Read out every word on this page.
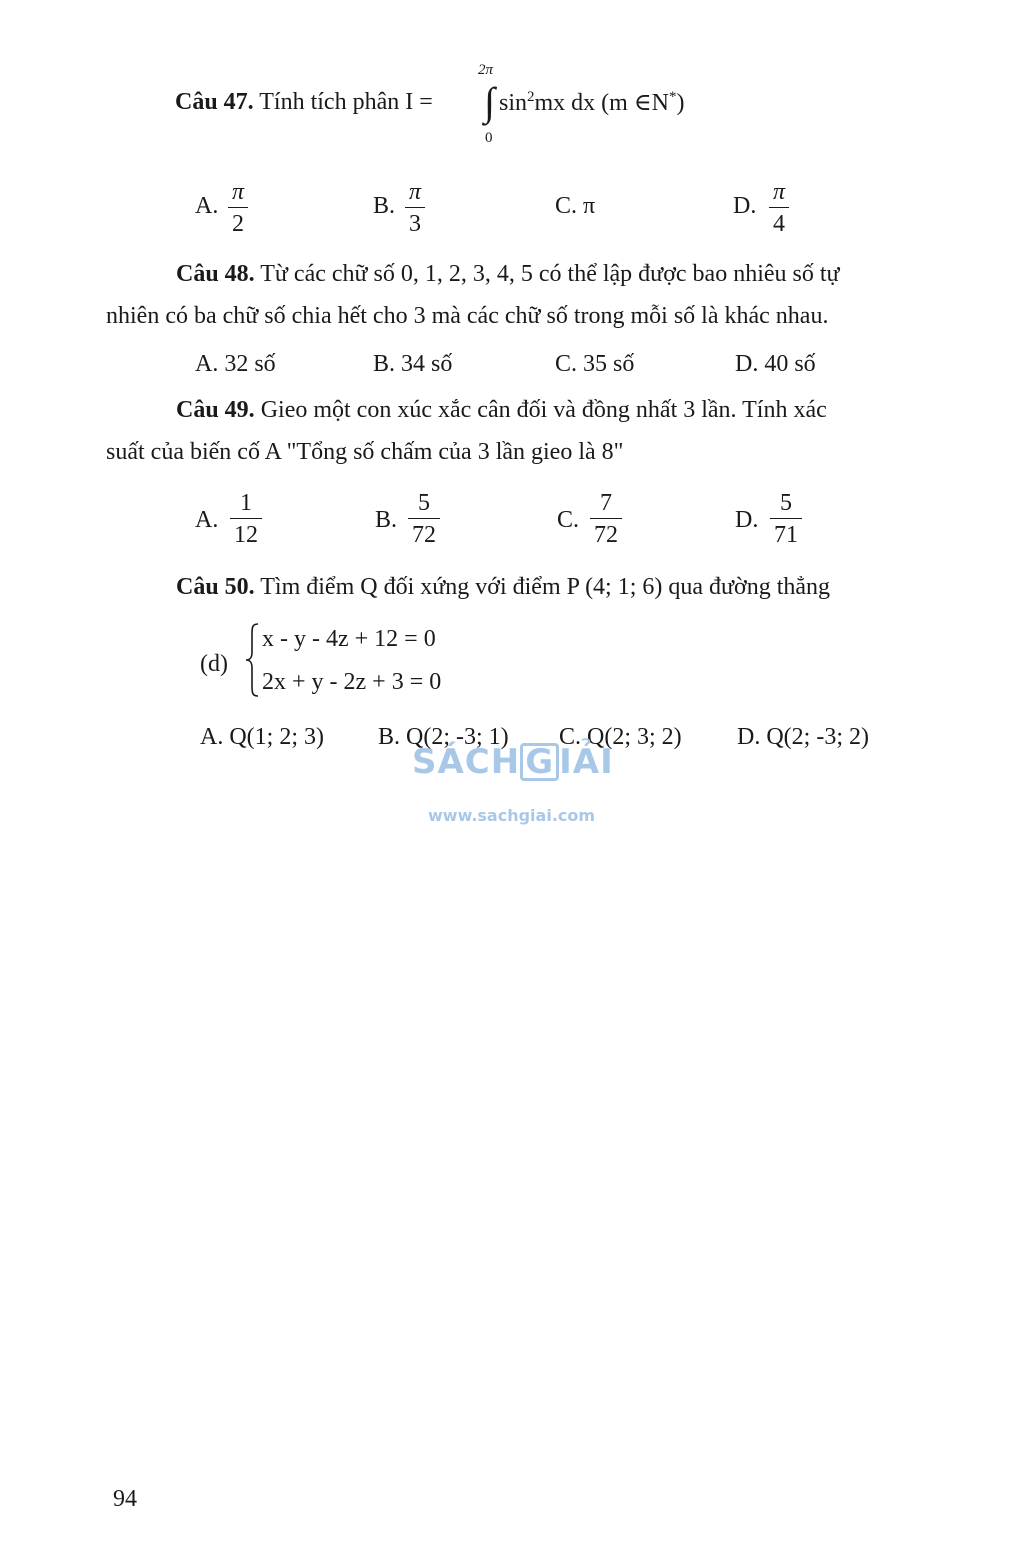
Câu 47. Tính tích phân I =
2π
∫
0
$\sin^2mx$ dx (m ∈N*)
A. $\frac{\pi}{2}$	B. $\frac{\pi}{3}$	C. π	D. $\frac{\pi}{4}$
Câu 48. Từ các chữ số 0, 1, 2, 3, 4, 5 có thể lập được bao nhiêu số tự
nhiên có ba chữ số chia hết cho 3 mà các chữ số trong mỗi số là khác nhau.
A. 32 số	B. 34 số	C. 35 số	D. 40 số
Câu 49. Gieo một con xúc xắc cân đối và đồng nhất 3 lần. Tính xác
suất của biến cố A "Tổng số chấm của 3 lần gieo là 8"
A. $\frac{1}{12}$	B. $\frac{5}{72}$	C. $\frac{7}{72}$	D. $\frac{5}{71}$
Câu 50. Tìm điểm Q đối xứng với điểm P (4; 1; 6) qua đường thẳng
(d)
x - y - 4z + 12 = 0
2x + y - 2z + 3 = 0
A. Q(1; 2; 3) B. Q(2; -3; 1) C. Q(2; 3; 2) D. Q(2; -3; 2)
SÁCH G IẢI
www.sachgiai.com
94
